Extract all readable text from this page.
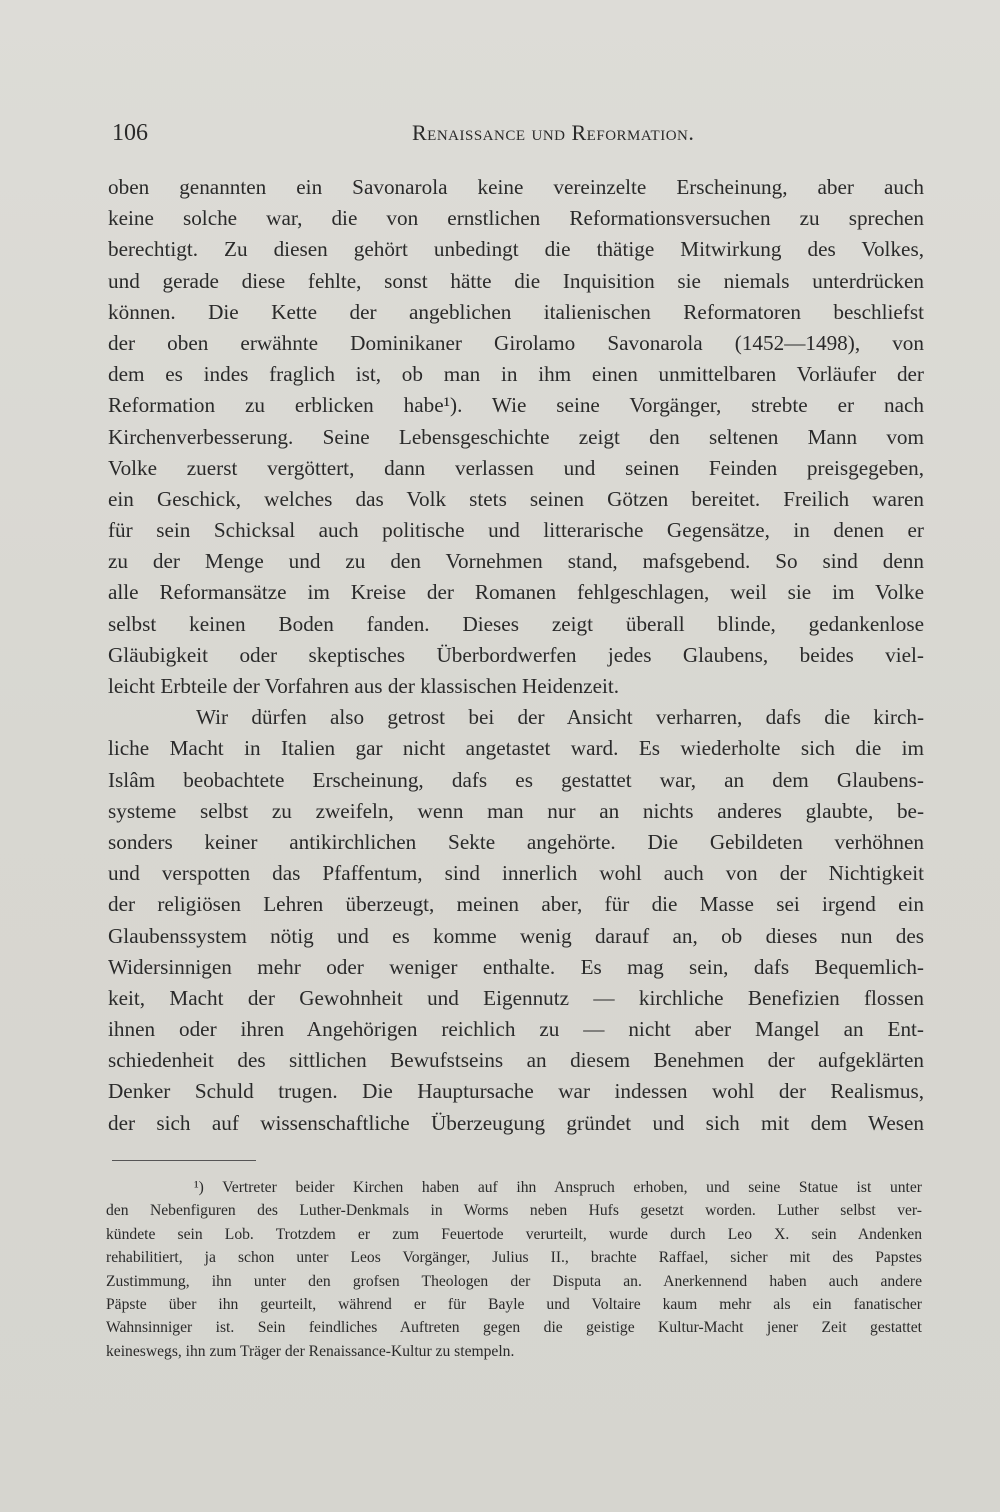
106	Renaissance und Reformation.
oben genannten ein Savonarola keine vereinzelte Erscheinung, aber auch
keine solche war, die von ernstlichen Reformationsversuchen zu sprechen
berechtigt. Zu diesen gehört unbedingt die thätige Mitwirkung des Volkes,
und gerade diese fehlte, sonst hätte die Inquisition sie niemals unterdrücken
können. Die Kette der angeblichen italienischen Reformatoren beschliefst
der oben erwähnte Dominikaner Girolamo Savonarola (1452—1498), von
dem es indes fraglich ist, ob man in ihm einen unmittelbaren Vorläufer der
Reformation zu erblicken habe¹). Wie seine Vorgänger, strebte er nach
Kirchenverbesserung. Seine Lebensgeschichte zeigt den seltenen Mann vom
Volke zuerst vergöttert, dann verlassen und seinen Feinden preisgegeben,
ein Geschick, welches das Volk stets seinen Götzen bereitet. Freilich waren
für sein Schicksal auch politische und litterarische Gegensätze, in denen er
zu der Menge und zu den Vornehmen stand, mafsgebend. So sind denn
alle Reformansätze im Kreise der Romanen fehlgeschlagen, weil sie im Volke
selbst keinen Boden fanden. Dieses zeigt überall blinde, gedankenlose
Gläubigkeit oder skeptisches Überbordwerfen jedes Glaubens, beides viel-
leicht Erbteile der Vorfahren aus der klassischen Heidenzeit.
Wir dürfen also getrost bei der Ansicht verharren, dafs die kirch-
liche Macht in Italien gar nicht angetastet ward. Es wiederholte sich die im
Islâm beobachtete Erscheinung, dafs es gestattet war, an dem Glaubens-
systeme selbst zu zweifeln, wenn man nur an nichts anderes glaubte, be-
sonders keiner antikirchlichen Sekte angehörte. Die Gebildeten verhöhnen
und verspotten das Pfaffentum, sind innerlich wohl auch von der Nichtigkeit
der religiösen Lehren überzeugt, meinen aber, für die Masse sei irgend ein
Glaubenssystem nötig und es komme wenig darauf an, ob dieses nun des
Widersinnigen mehr oder weniger enthalte. Es mag sein, dafs Bequemlich-
keit, Macht der Gewohnheit und Eigennutz — kirchliche Benefizien flossen
ihnen oder ihren Angehörigen reichlich zu — nicht aber Mangel an Ent-
schiedenheit des sittlichen Bewufstseins an diesem Benehmen der aufgeklärten
Denker Schuld trugen. Die Hauptursache war indessen wohl der Realismus,
der sich auf wissenschaftliche Überzeugung gründet und sich mit dem Wesen
¹) Vertreter beider Kirchen haben auf ihn Anspruch erhoben, und seine Statue ist unter
den Nebenfiguren des Luther-Denkmals in Worms neben Hufs gesetzt worden. Luther selbst ver-
kündete sein Lob. Trotzdem er zum Feuertode verurteilt, wurde durch Leo X. sein Andenken
rehabilitiert, ja schon unter Leos Vorgänger, Julius II., brachte Raffael, sicher mit des Papstes
Zustimmung, ihn unter den grofsen Theologen der Disputa an. Anerkennend haben auch andere
Päpste über ihn geurteilt, während er für Bayle und Voltaire kaum mehr als ein fanatischer
Wahnsinniger ist. Sein feindliches Auftreten gegen die geistige Kultur-Macht jener Zeit gestattet
keineswegs, ihn zum Träger der Renaissance-Kultur zu stempeln.
